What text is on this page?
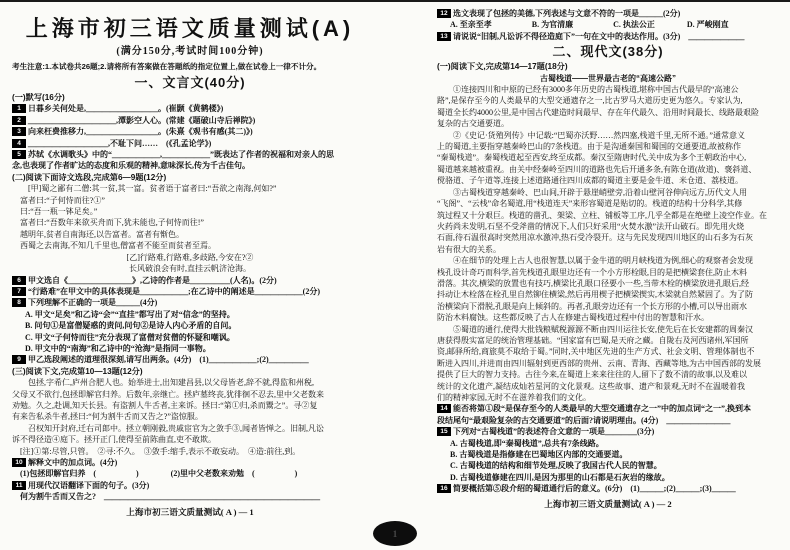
上海市初三语文质量测试(A)
(满分150分,考试时间100分钟)
考生注意:1.本试卷共26题;2.请将所有答案做在答题纸的指定位置上,做在试卷上一律不计分。
一、文言文(40分)
(一)默写(16分)
1 日暮乡关何处是,＿＿＿＿＿＿＿＿＿。(崔颢《黄鹤楼》)
2 ＿＿＿＿＿＿＿＿＿＿＿,潭影空人心。(常建《题破山寺后禅院》)
3 向来枉费推移力,＿＿＿＿＿＿＿＿＿。(朱熹《观书有感(其二)》)
4 ＿＿＿＿＿＿＿＿＿＿,不耻下问……　(《孔孟论学》)
5 苏轼《水调歌头》中的“＿＿＿＿＿＿,＿＿＿＿＿＿”既表达了作者的祝福和对亲人的思
念,也表现了作者旷达的态度和乐观的精神,意味深长,传为千古佳句。
(二)阅读下面诗文选段,完成第6—9题(12分)
　　[甲]蜀之鄙有二僧:其一贫,其一富。贫者语于富者曰:“吾欲之南海,何如?”
　富者曰:“子何恃而往?①”
　曰:“吾一瓶一钵足矣。”
　富者曰:“吾数年来欲买舟而下,犹未能也,子何恃而往!”
　越明年,贫者自南海还,以告富者。富者有惭色。
　西蜀之去南海,不知几千里也,僧富者不能至而贫者至焉。
[乙]行路难,行路难,多歧路,今安在?②
长风破浪会有时,直挂云帆济沧海。
6 甲文选自《＿＿＿＿＿＿＿＿》,乙诗的作者是＿＿＿＿＿(人名)。(2分)
7 “行路难”在甲文中的具体表现是＿＿＿＿＿＿;在乙诗中的阐述是＿＿＿＿＿＿(2分)
8 下列理解不正确的一项是＿＿＿(4分)
A. 甲文“足矣”和乙诗“会”“直挂”都写出了对“信念”的坚持。
B. 问句①是富僧疑惑的责问,问句②是诗人内心矛盾的自问。
C. 甲文“子何恃而往”充分表现了富僧对贫僧的怀疑和嘲讽。
D. 甲文中的“南海”和乙诗中的“沧海”是指同一事物。
9 甲乙选段阐述的道理很深刻,请写出两条。(4分)　(1)＿＿＿＿＿＿;(2)＿＿＿＿＿
(三)阅读下文,完成第10—13题(12分)
　　包拯,字希仁,庐州合肥人也。始举进士,出知建昌县,以父母皆老,辞不就,得监和州税,
父母又不欲行,包拯即解官归养。后数年,亲继亡。拯庐墓终丧,犹徘徊不忍去,里中父老数来
劝勉。久之,赴调,知天长县。有盗割人牛舌者,主来诉。拯曰:“第①归,杀而鬻之”。寻②复
有来告私杀牛者,拯曰:“何为割牛舌而又告之?”盗惊服。
　　召权知开封府,迁右司郎中。拯立朝刚毅,贵戚宦官为之敛手③,闻者皆惮之。旧制,凡讼
诉不得径造④庭下。拯开正门,使得至前陈曲直,吏不敢欺。
　[注]①第:尽管,只管。　②寻:不久。　③敛手:缩手,表示不敢妄动。　④造:前往,到。
10 解释文中的加点词。(4分)
　(1)包拯即解官归养　(　　　　　)　　　　(2)里中父老数来劝勉　(　　　　　)
11 用现代汉语翻译下面的句子。(3分)
　何为割牛舌而又告之?　＿＿＿＿＿＿＿＿＿＿＿＿＿＿＿＿＿＿＿＿＿＿＿＿＿＿＿
上海市初三语文质量测试( A ) — 1
12 选文表现了包拯的美德,下列表述与文意不符的一项是＿＿＿(2分)
A. 至亲至孝　　　　　B. 为官清廉　　　　　C. 执法公正　　　　D. 严峻刚直
13 请说说“旧制,凡讼诉不得径造庭下”一句在文中的表达作用。(3分)　＿＿＿＿＿＿＿
二、现代文(38分)
(一)阅读下文,完成第14—17题(18分)
古蜀栈道——世界最古老的“高速公路”
　　①连接四川和中原的已经有3000多年历史的古蜀栈道,堪称中国古代最早的“高速公
路”,是保存至今的人类最早的大型交通遗存之一,比古罗马大道历史更为悠久。专家认为,
蜀道全长约4000公里,是中国古代建造时间最早、存在年代最久、沿用时间最长、线路最艰险
复杂的古交通要道。
　　②《史记·货殖列传》中记载:“巴蜀亦沃野……然四塞,栈道千里,无所不通。”通常意义
上的蜀道,主要指穿越秦岭巴山的7条栈道。由于是沟通秦国和蜀国的交通要道,故被称作
“秦蜀栈道”。秦蜀栈道起至西安,终至成都。秦汉至隋唐时代,关中成为多个王朝政治中心,
蜀道越来越被重视。由关中经秦岭至四川的道路也先后开通多条,有陈仓道(故道)、褒斜道、
傥骆道、子午道等,连接上述道路通往四川成都的蜀道主要是金牛道、米仓道、荔枝道。
　　③古蜀栈道穿越秦岭、巴山间,开辟于悬崖峭壁旁,沿着山壁河谷伸向远方,历代文人用
“飞阁”、“云栈”命名蜀道,用“栈道连天”来形容蜀道是贴切的。栈道的结构十分科学,其修
筑过程又十分艰巨。栈道的凿孔、架梁、立柱、铺板等工序,几乎全都是在绝壁上凌空作业。在
火药尚未发明,石坚不受斧凿的情况下,人们只好采用“火焚水激”法开山破石。即先用火烧
石面,待石温很高时突然用凉水激冲,热石受冷裂开。这与先民发现四川地区的山石多为石灰
岩有很大的关系。
　　④在细节的处理上古人也很智慧,以属于金牛道的明月峡栈道为例,细心的观察者会发现
栈孔设计奇巧而科学,首先栈道孔眼里边还有一个小方形栓眼,目的是把横梁套住,防止木料
滑落。其次,横梁的放置也有技巧,横梁比孔眼口径要小一些,当带木栓的横梁放进孔眼后,经
抖动让木栓落在栓孔里自然铆住横梁,然后再用楔子把横梁揳实,木梁就自然紧固了。为了防
治横梁向下滑脱,孔眼是向上倾斜的。再者,孔眼旁边还有一个长方形的小槽,可以导出雨水
防治木料腐蚀。这些都反映了古人在修建古蜀栈道过程中付出的智慧和汗水。
　　⑤蜀道的通行,使得大批钱粮赋税源源不断由四川运往长安,使先后在长安建都的周秦汉
唐获得殷实富足的统治管理基础。“国家富有巴蜀,是天府之藏。自陇右及河西诸州,军国所
资,邮驿所给,商旅莫不取给于蜀。”同时,关中地区先进的生产方式、社会文明、管理体制也不
断进入四川,并进而由四川辐射到更西部的贵州、云南、青海、西藏等地,为古中国西部的发展
提供了巨大的智力支持。古往今来,在蜀道上来来往往的人,留下了数不清的故事,以及难以
统计的文化遗产,凝结成灿若星河的文化景观。这些故事、遗产和景观,无时不在温暖着我
们的精神家园,无时不在滋养着我们的文化。
14 能否将第①段“是保存至今的人类最早的大型交通遗存之一”中的加点词“之一”,换到本
段结尾句“最艰险复杂的古交通要道”的后面?请说明理由。(4分)　＿＿＿＿＿＿＿＿
15 下列对“古蜀栈道”的表述符合文意的一项是＿＿＿＿(3分)
A. 古蜀栈道,即“秦蜀栈道”,总共有7条线路。
B. 古蜀栈道是指修建在巴蜀地区内部的交通要道。
C. 古蜀栈道的结构和细节处理,反映了我国古代人民的智慧。
D. 古蜀栈道修建在四川,是因为那里的山石都是石灰岩的缘故。
16 简要概括第⑤段介绍的蜀道通行后的意义。(6分)　(1)＿＿＿;(2)＿＿＿;(3)＿＿＿
上海市初三语文质量测试( A ) — 2
1
